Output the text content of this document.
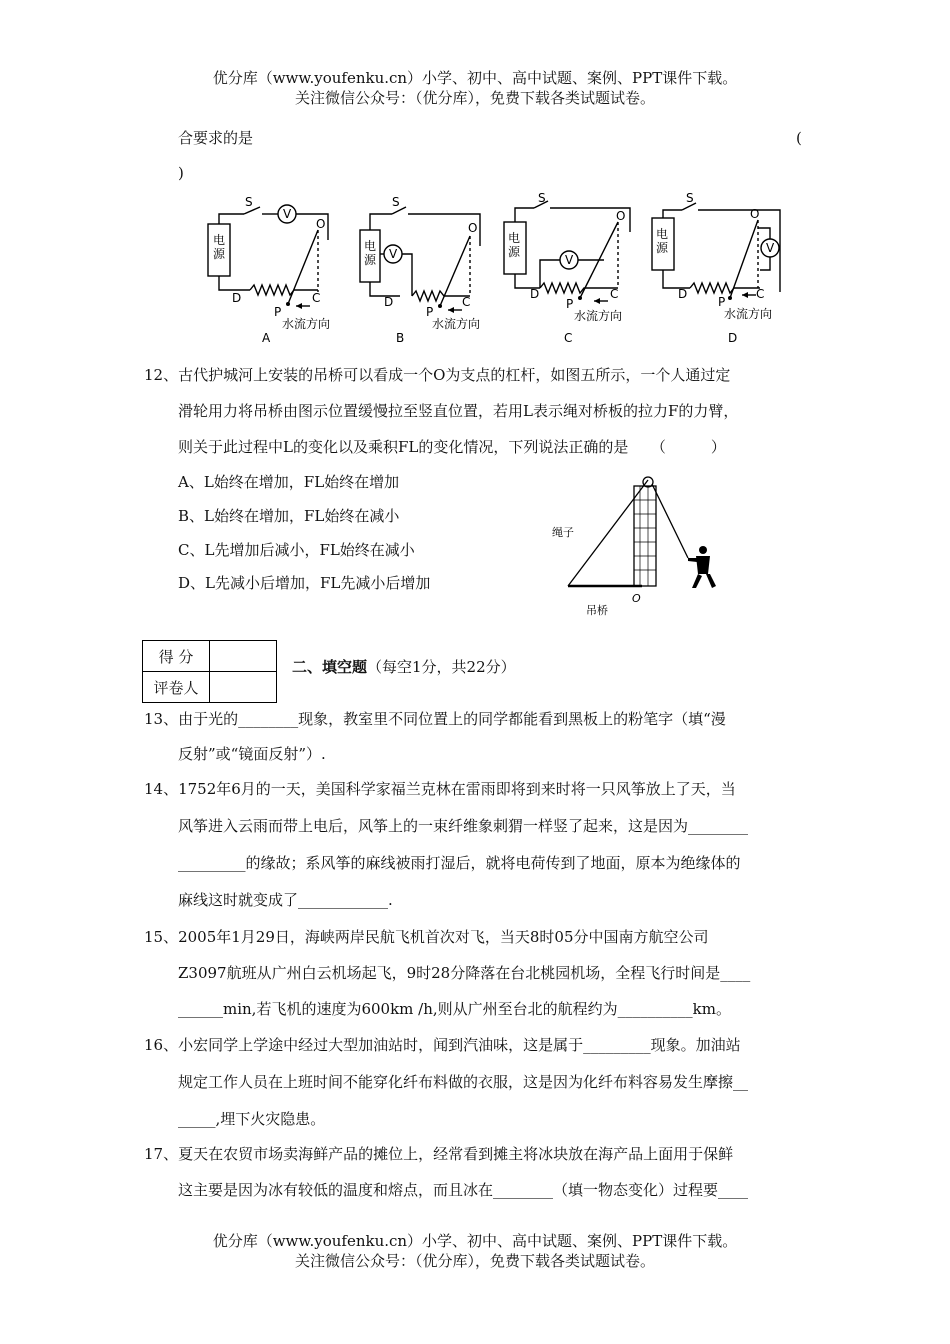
优分库（www.youfenku.cn）小学、初中、高中试题、案例、PPT课件下载。
关注微信公众号：（优分库），免费下载各类试题试卷。
合要求的是	(
)
电源
S
V
O
D	C
P
水流方向
A
电源
S
V
O
D	C
P
水流方向
B
电源
S
V
O
D	C
P
水流方向
C
电源
S
V
O
D	C
P
水流方向
D
12、古代护城河上安装的吊桥可以看成一个O为支点的杠杆，如图五所示，一个人通过定
滑轮用力将吊桥由图示位置缓慢拉至竖直位置，若用L表示绳对桥板的拉力F的力臂，
则关于此过程中L的变化以及乘积FL的变化情况，下列说法正确的是　　（　　　）
A、L始终在增加，FL始终在增加
B、L始终在增加，FL始终在减小
C、L先增加后减小，FL始终在减小
D、L先减小后增加，FL先减小后增加
绳子
吊桥
O
得 分	
评卷人	
二、填空题（每空1分，共22分）
13、由于光的________现象，教室里不同位置上的同学都能看到黑板上的粉笔字（填“漫
反射”或“镜面反射”）.
14、1752年6月的一天，美国科学家福兰克林在雷雨即将到来时将一只风筝放上了天，当
风筝进入云雨而带上电后，风筝上的一束纤维象刺猬一样竖了起来，这是因为________
_________的缘故；系风筝的麻线被雨打湿后，就将电荷传到了地面，原本为绝缘体的
麻线这时就变成了____________.
15、2005年1月29日，海峡两岸民航飞机首次对飞，当天8时05分中国南方航空公司
Z3097航班从广州白云机场起飞，9时28分降落在台北桃园机场，全程飞行时间是____
______min,若飞机的速度为600km /h,则从广州至台北的航程约为__________km。
16、小宏同学上学途中经过大型加油站时，闻到汽油味，这是属于_________现象。加油站
规定工作人员在上班时间不能穿化纤布料做的衣服，这是因为化纤布料容易发生摩擦__
_____,埋下火灾隐患。
17、夏天在农贸市场卖海鲜产品的摊位上，经常看到摊主将冰块放在海产品上面用于保鲜
这主要是因为冰有较低的温度和熔点，而且冰在________（填一物态变化）过程要____
优分库（www.youfenku.cn）小学、初中、高中试题、案例、PPT课件下载。
关注微信公众号：（优分库），免费下载各类试题试卷。
